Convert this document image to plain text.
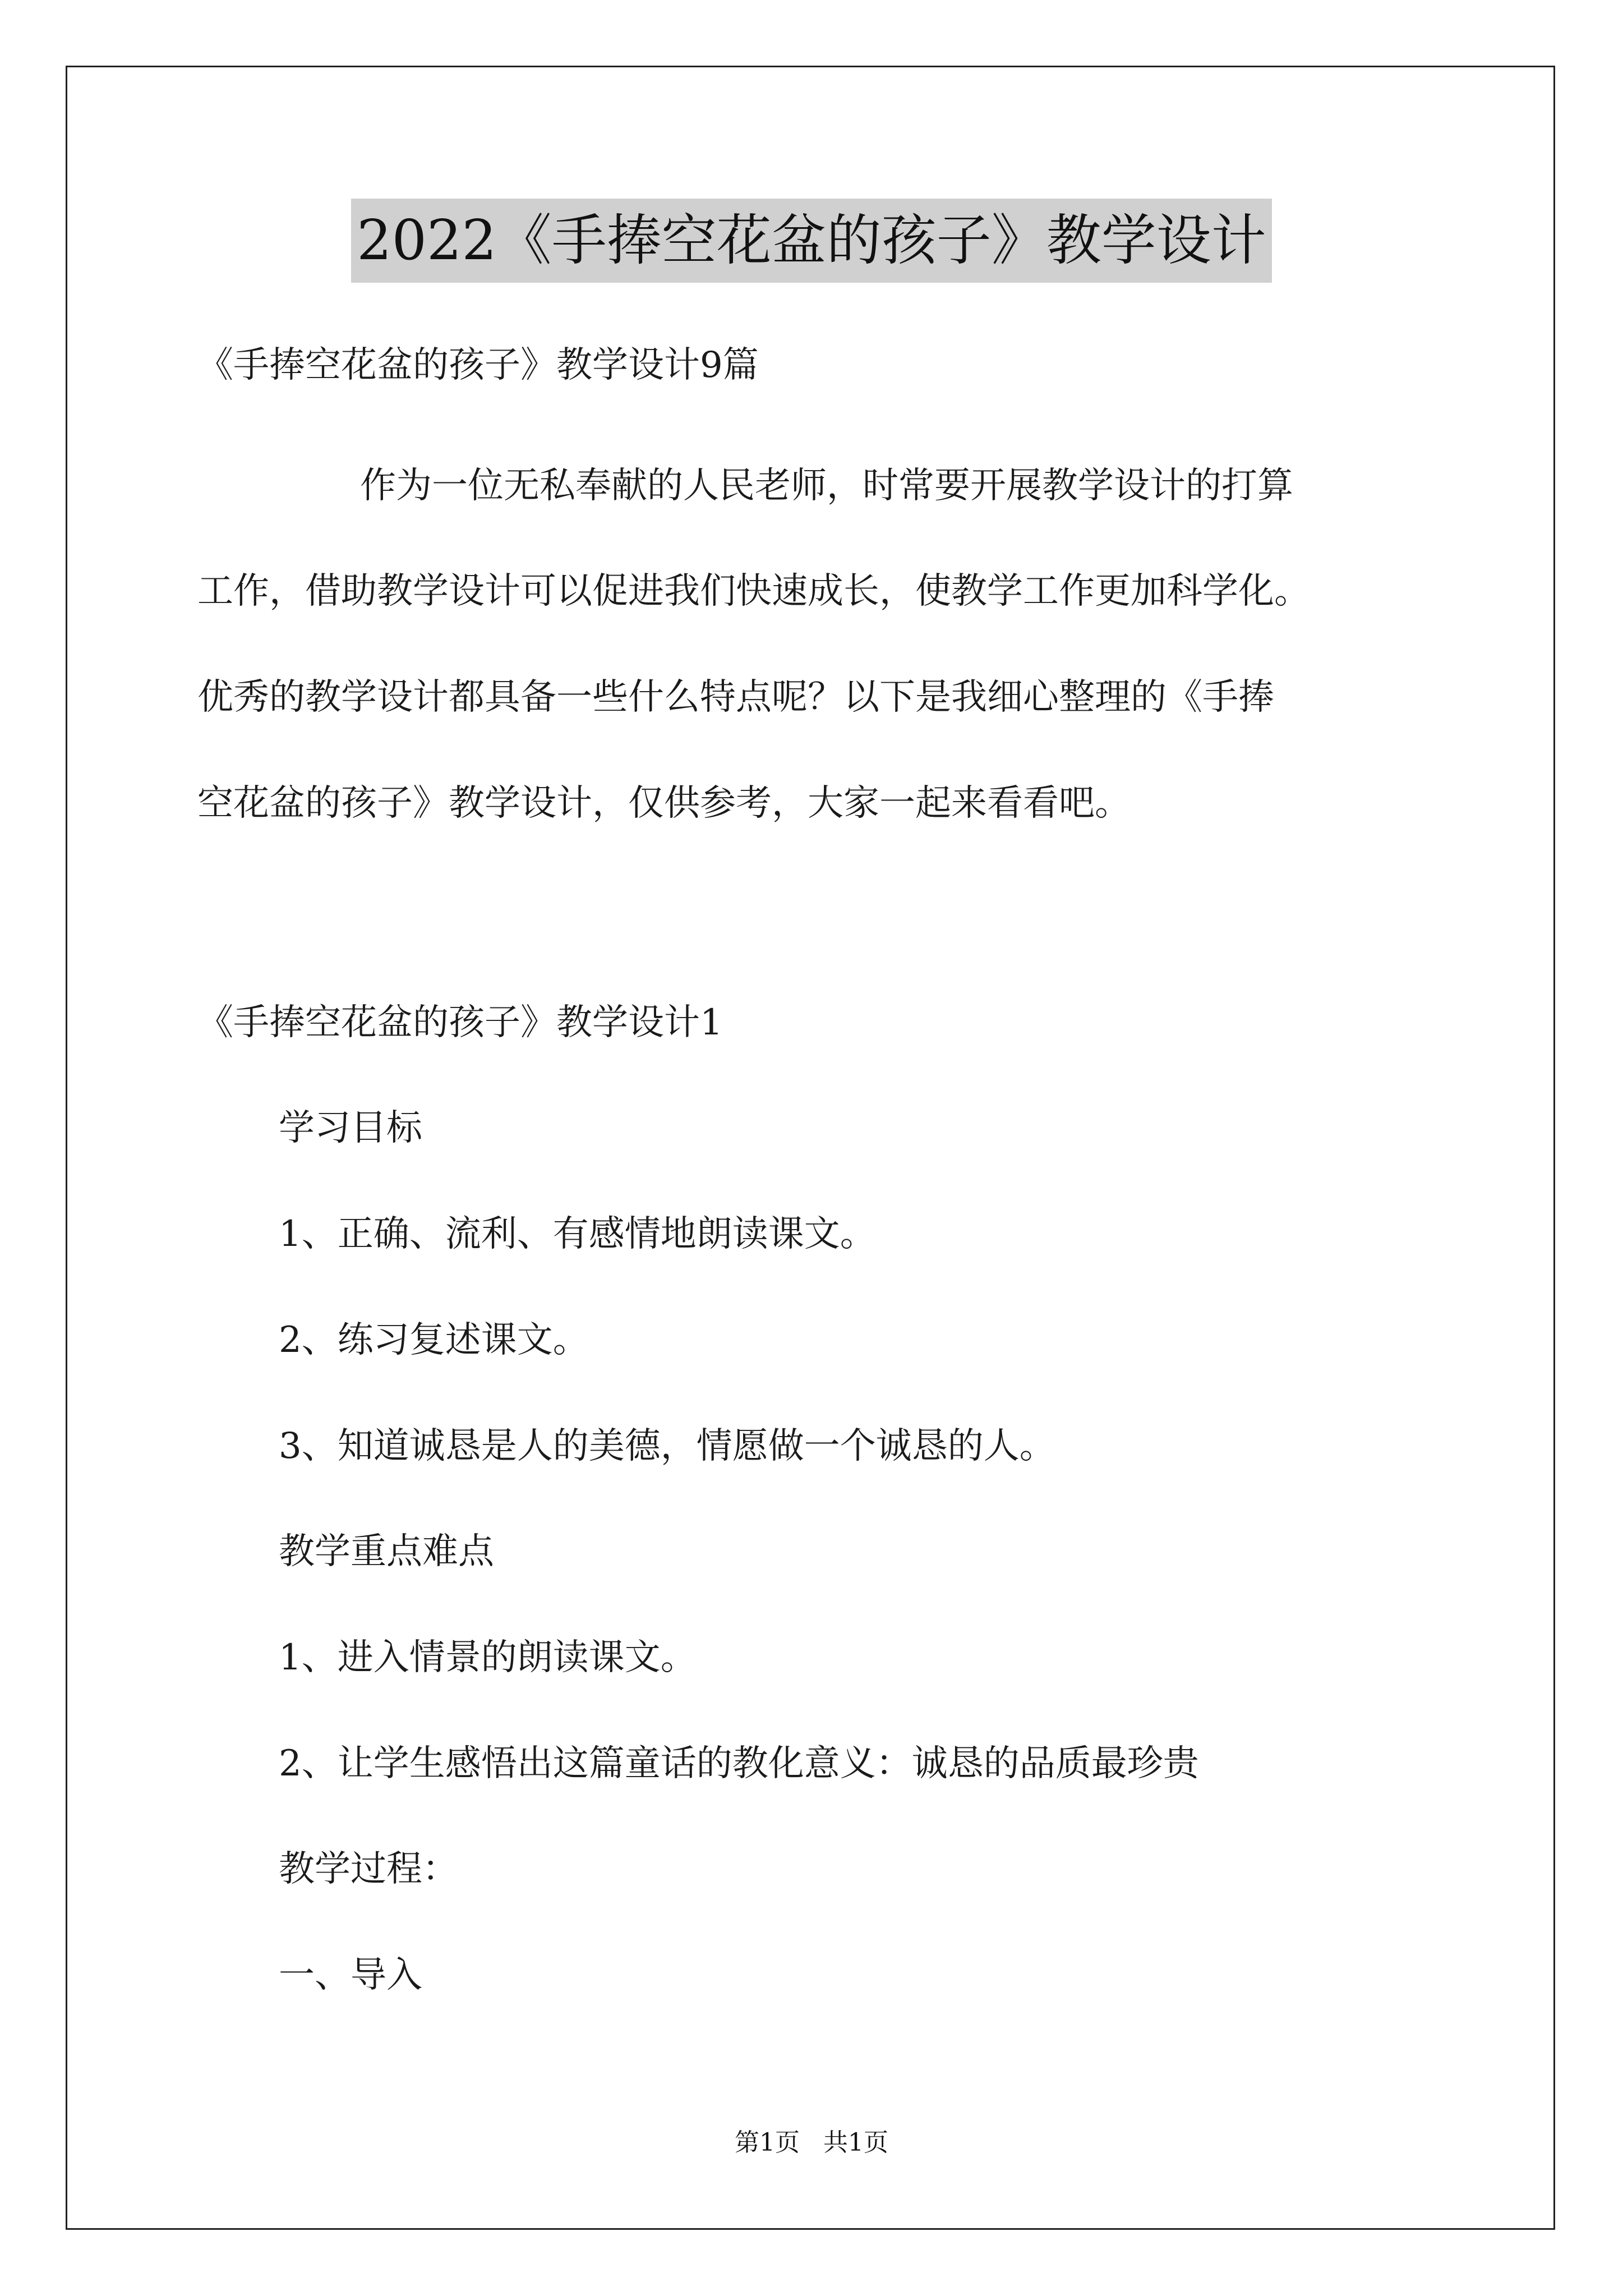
2022《手捧空花盆的孩子》教学设计
《手捧空花盆的孩子》教学设计9篇
作为一位无私奉献的人民老师，时常要开展教学设计的打算
工作，借助教学设计可以促进我们快速成长，使教学工作更加科学化。
优秀的教学设计都具备一些什么特点呢？以下是我细心整理的《手捧
空花盆的孩子》教学设计，仅供参考，大家一起来看看吧。
《手捧空花盆的孩子》教学设计1
学习目标
1、正确、流利、有感情地朗读课文。
2、练习复述课文。
3、知道诚恳是人的美德，情愿做一个诚恳的人。
教学重点难点
1、进入情景的朗读课文。
2、让学生感悟出这篇童话的教化意义：诚恳的品质最珍贵
教学过程：
一、导入
第1页   共1页
